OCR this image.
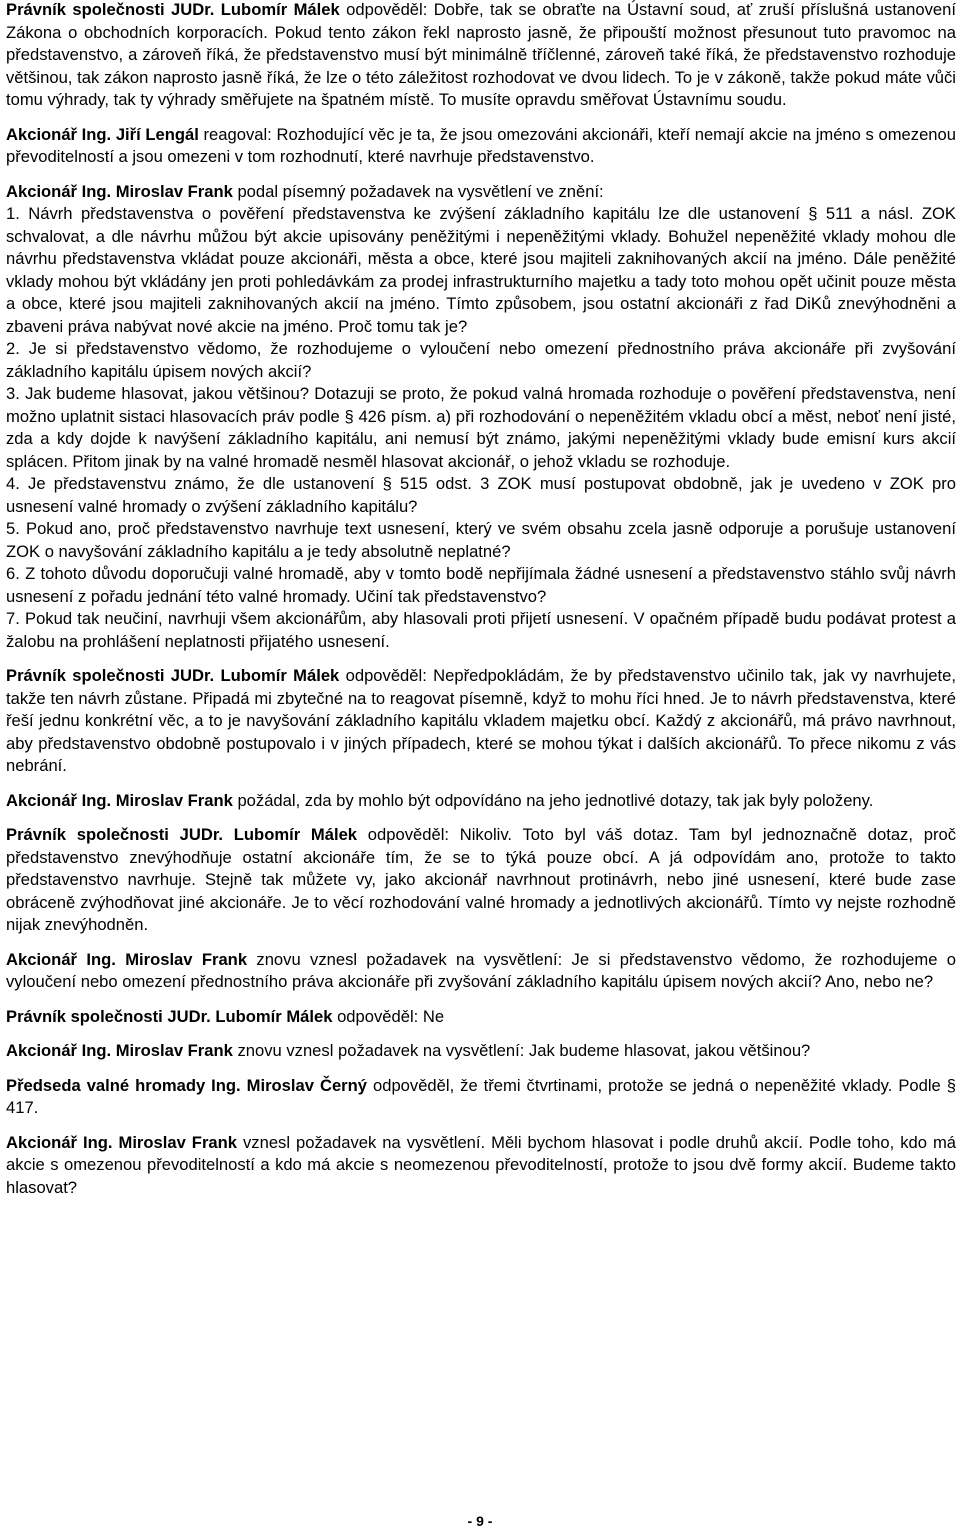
Právník společnosti JUDr. Lubomír Málek odpověděl: Dobře, tak se obraťte na Ústavní soud, ať zruší příslušná ustanovení Zákona o obchodních korporacích. Pokud tento zákon řekl naprosto jasně, že připouští možnost přesunout tuto pravomoc na představenstvo, a zároveň říká, že představenstvo musí být minimálně tříčlenné, zároveň také říká, že představenstvo rozhoduje většinou, tak zákon naprosto jasně říká, že lze o této záležitost rozhodovat ve dvou lidech. To je v zákoně, takže pokud máte vůči tomu výhrady, tak ty výhrady směřujete na špatném místě. To musíte opravdu směřovat Ústavnímu soudu.

Akcionář Ing. Jiří Lengál reagoval: Rozhodující věc je ta, že jsou omezováni akcionáři, kteří nemají akcie na jméno s omezenou převoditelností a jsou omezeni v tom rozhodnutí, které navrhuje představenstvo.

Akcionář Ing. Miroslav Frank podal písemný požadavek na vysvětlení ve znění:

1. Návrh představenstva o pověření představenstva ke zvýšení základního kapitálu lze dle ustanovení § 511 a násl. ZOK schvalovat, a dle návrhu můžou být akcie upisovány peněžitými i nepeněžitými vklady. Bohužel nepeněžité vklady mohou dle návrhu představenstva vkládat pouze akcionáři, města a obce, které jsou majiteli zaknihovaných akcií na jméno. Dále peněžité vklady mohou být vkládány jen proti pohledávkám za prodej infrastrukturního majetku a tady toto mohou opět učinit pouze města a obce, které jsou majiteli zaknihovaných akcií na jméno. Tímto způsobem, jsou ostatní akcionáři z řad DiKů znevýhodněni a zbaveni práva nabývat nové akcie na jméno. Proč tomu tak je?

2. Je si představenstvo vědomo, že rozhodujeme o vyloučení nebo omezení přednostního práva akcionáře při zvyšování základního kapitálu úpisem nových akcií?

3. Jak budeme hlasovat, jakou většinou? Dotazuji se proto, že pokud valná hromada rozhoduje o pověření představenstva, není možno uplatnit sistaci hlasovacích práv podle § 426 písm. a) při rozhodování o nepeněžitém vkladu obcí a měst, neboť není jisté, zda a kdy dojde k navýšení základního kapitálu, ani nemusí být známo, jakými nepeněžitými vklady bude emisní kurs akcií splácen. Přitom jinak by na valné hromadě nesměl hlasovat akcionář, o jehož vkladu se rozhoduje.

4. Je představenstvu známo, že dle ustanovení § 515 odst. 3 ZOK musí postupovat obdobně, jak je uvedeno v ZOK pro usnesení valné hromady o zvýšení základního kapitálu?

5. Pokud ano, proč představenstvo navrhuje text usnesení, který ve svém obsahu zcela jasně odporuje a porušuje ustanovení ZOK o navyšování základního kapitálu a je tedy absolutně neplatné?

6. Z tohoto důvodu doporučuji valné hromadě, aby v tomto bodě nepřijímala žádné usnesení a představenstvo stáhlo svůj návrh usnesení z pořadu jednání této valné hromady. Učiní tak představenstvo?

7. Pokud tak neučiní, navrhuji všem akcionářům, aby hlasovali proti přijetí usnesení. V opačném případě budu podávat protest a žalobu na prohlášení neplatnosti přijatého usnesení.

Právník společnosti JUDr. Lubomír Málek odpověděl: Nepředpokládám, že by představenstvo učinilo tak, jak vy navrhujete, takže ten návrh zůstane. Připadá mi zbytečné na to reagovat písemně, když to mohu říci hned. Je to návrh představenstva, které řeší jednu konkrétní věc, a to je navyšování základního kapitálu vkladem majetku obcí. Každý z akcionářů, má právo navrhnout, aby představenstvo obdobně postupovalo i v jiných případech, které se mohou týkat i dalších akcionářů. To přece nikomu z vás nebrání.

Akcionář Ing. Miroslav Frank požádal, zda by mohlo být odpovídáno na jeho jednotlivé dotazy, tak jak byly položeny.

Právník společnosti JUDr. Lubomír Málek odpověděl: Nikoliv. Toto byl váš dotaz. Tam byl jednoznačně dotaz, proč představenstvo znevýhodňuje ostatní akcionáře tím, že se to týká pouze obcí. A já odpovídám ano, protože to takto představenstvo navrhuje. Stejně tak můžete vy, jako akcionář navrhnout protinávrh, nebo jiné usnesení, které bude zase obráceně zvýhodňovat jiné akcionáře. Je to věcí rozhodování valné hromady a jednotlivých akcionářů. Tímto vy nejste rozhodně nijak znevýhodněn.

Akcionář Ing. Miroslav Frank znovu vznesl požadavek na vysvětlení: Je si představenstvo vědomo, že rozhodujeme o vyloučení nebo omezení přednostního práva akcionáře při zvyšování základního kapitálu úpisem nových akcií? Ano, nebo ne?

Právník společnosti JUDr. Lubomír Málek odpověděl: Ne

Akcionář Ing. Miroslav Frank znovu vznesl požadavek na vysvětlení: Jak budeme hlasovat, jakou většinou?

Předseda valné hromady Ing. Miroslav Černý odpověděl, že třemi čtvrtinami, protože se jedná o nepeněžité vklady. Podle § 417.

Akcionář Ing. Miroslav Frank vznesl požadavek na vysvětlení. Měli bychom hlasovat i podle druhů akcií. Podle toho, kdo má akcie s omezenou převoditelností a kdo má akcie s neomezenou převoditelností, protože to jsou dvě formy akcií. Budeme takto hlasovat?

- 9 -
